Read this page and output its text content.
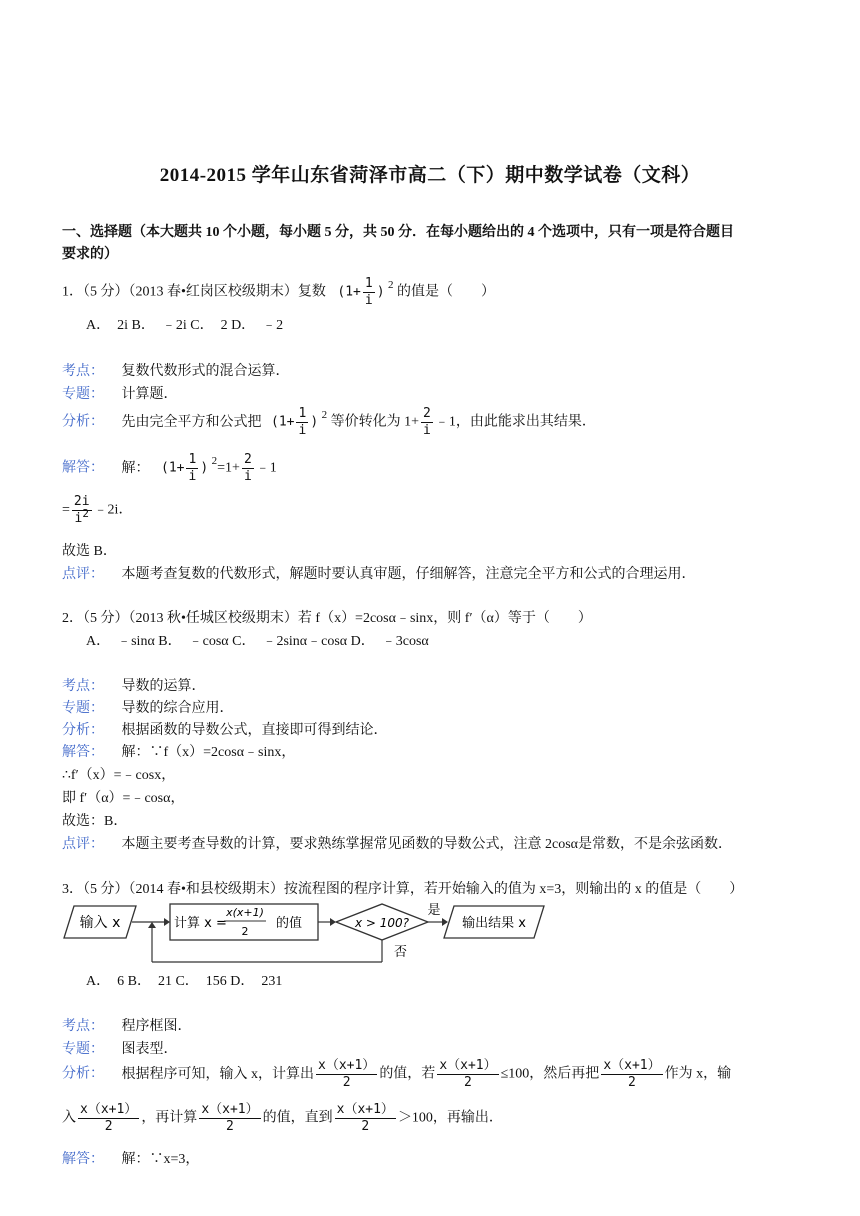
2014-2015 学年山东省菏泽市高二（下）期中数学试卷（文科）
一、选择题（本大题共 10 个小题，每小题 5 分，共 50 分．在每小题给出的 4 个选项中，只有一项是符合题目
要求的）
1．（5 分）（2013 春•红岗区校级期末）复数 ($1+ \frac{1}{i}$ ) $^2$ 的值是（　　）
A．　2i B．　﹣2i C．　2 D．　﹣2
考点： 复数代数形式的混合运算．
专题： 计算题．
分析： 先由完全平方和公式把 ($1+ \frac{1}{i}$ ) $^2$ 等价转化为 $1+ \frac{2}{i}$ ﹣1，由此能求出其结果．
解答： 解： ($1+ \frac{1}{i}$ ) $^2=1+ \frac{2}{i}$ ﹣1
= $\frac{2i}{i^2}$ ﹣2i．
故选 B．
点评： 本题考查复数的代数形式，解题时要认真审题，仔细解答，注意完全平方和公式的合理运用．
2．（5 分）（2013 秋•任城区校级期末）若 f（x）=2cosα﹣sinx，则 f′（α）等于（　　）
A．　﹣sinα B．　﹣cosα C．　﹣2sinα﹣cosα D．　﹣3cosα
考点： 导数的运算．
专题： 导数的综合应用．
分析： 根据函数的导数公式，直接即可得到结论．
解答： 解：∵f（x）=2cosα﹣sinx，
∴f′（x）=﹣cosx，
即 f′（α）=﹣cosα，
故选：B．
点评： 本题主要考查导数的计算，要求熟练掌握常见函数的导数公式，注意 2cosα是常数，不是余弦函数．
3．（5 分）（2014 春•和县校级期末）按流程图的程序计算，若开始输入的值为 x=3，则输出的 x 的值是（　　）
输入 x	计算 x =
x(x+1)
2
的值	x > 100?
是
输出结果 x
否
A．　6 B．　21 C．　156 D．　231
考点： 程序框图．
专题： 图表型．
分析： 根据程序可知，输入 x，计算出 $\frac{x(x+1)}{2}$ 的值，若 $\frac{x(x+1)}{2} \le 100$，然后再把 $\frac{x(x+1)}{2}$ 作为 x，输
入 $\frac{x(x+1)}{2}$ ，再计算 $\frac{x(x+1)}{2}$ 的值，直到 $\frac{x(x+1)}{2} >100$，再输出．
解答： 解：∵x=3，
